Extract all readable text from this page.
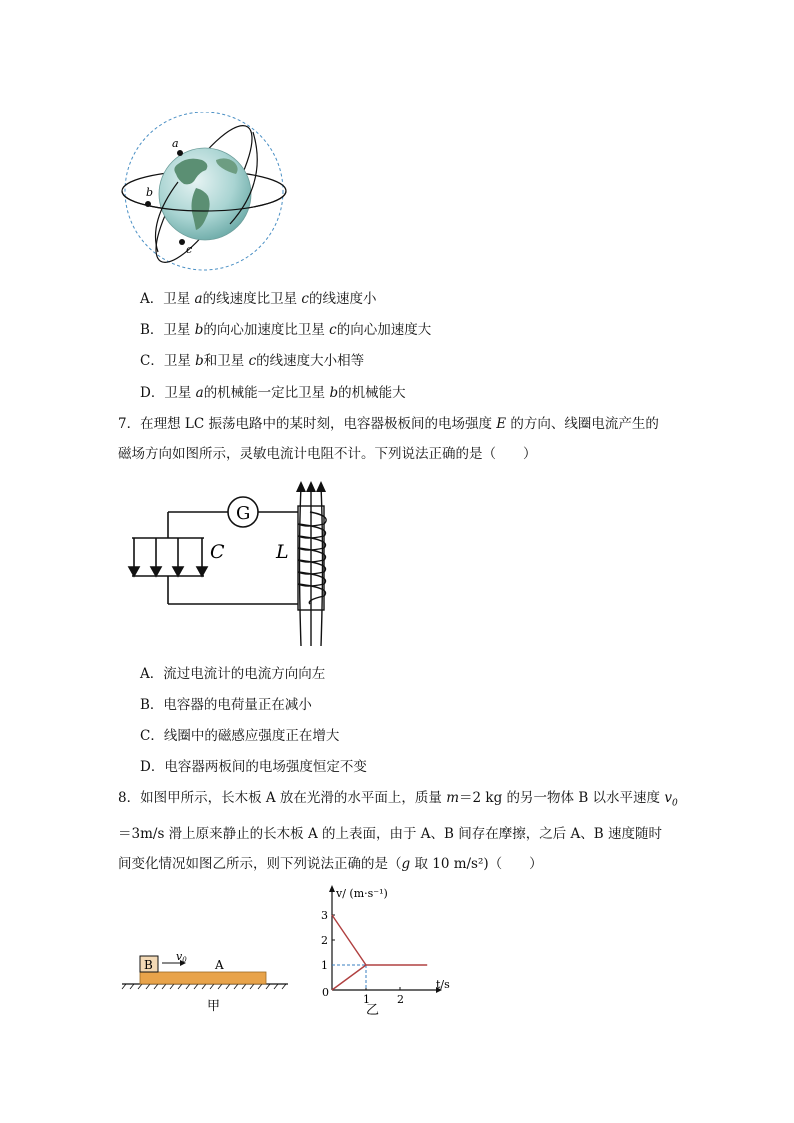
a
b
c
A．卫星 a的线速度比卫星 c的线速度小
B．卫星 b的向心加速度比卫星 c的向心加速度大
C．卫星 b和卫星 c的线速度大小相等
D．卫星 a的机械能一定比卫星 b的机械能大
7．在理想 LC 振荡电路中的某时刻，电容器极板间的电场强度 E 的方向、线圈电流产生的
磁场方向如图所示，灵敏电流计电阻不计。下列说法正确的是（　　）
G
C	L
A．流过电流计的电流方向向左
B．电容器的电荷量正在减小
C．线圈中的磁感应强度正在增大
D．电容器两板间的电场强度恒定不变
8．如图甲所示，长木板 A 放在光滑的水平面上，质量 m＝2 kg 的另一物体 B 以水平速度 $v_0$
＝3m/s 滑上原来静止的长木板 A 的上表面，由于 A、B 间存在摩擦，之后 A、B 速度随时
间变化情况如图乙所示，则下列说法正确的是（g 取 10 m/s²)（　　）
B
v0 A
甲
v/ (m·s⁻¹)
t/s
0
1
2
3
1 2
乙
